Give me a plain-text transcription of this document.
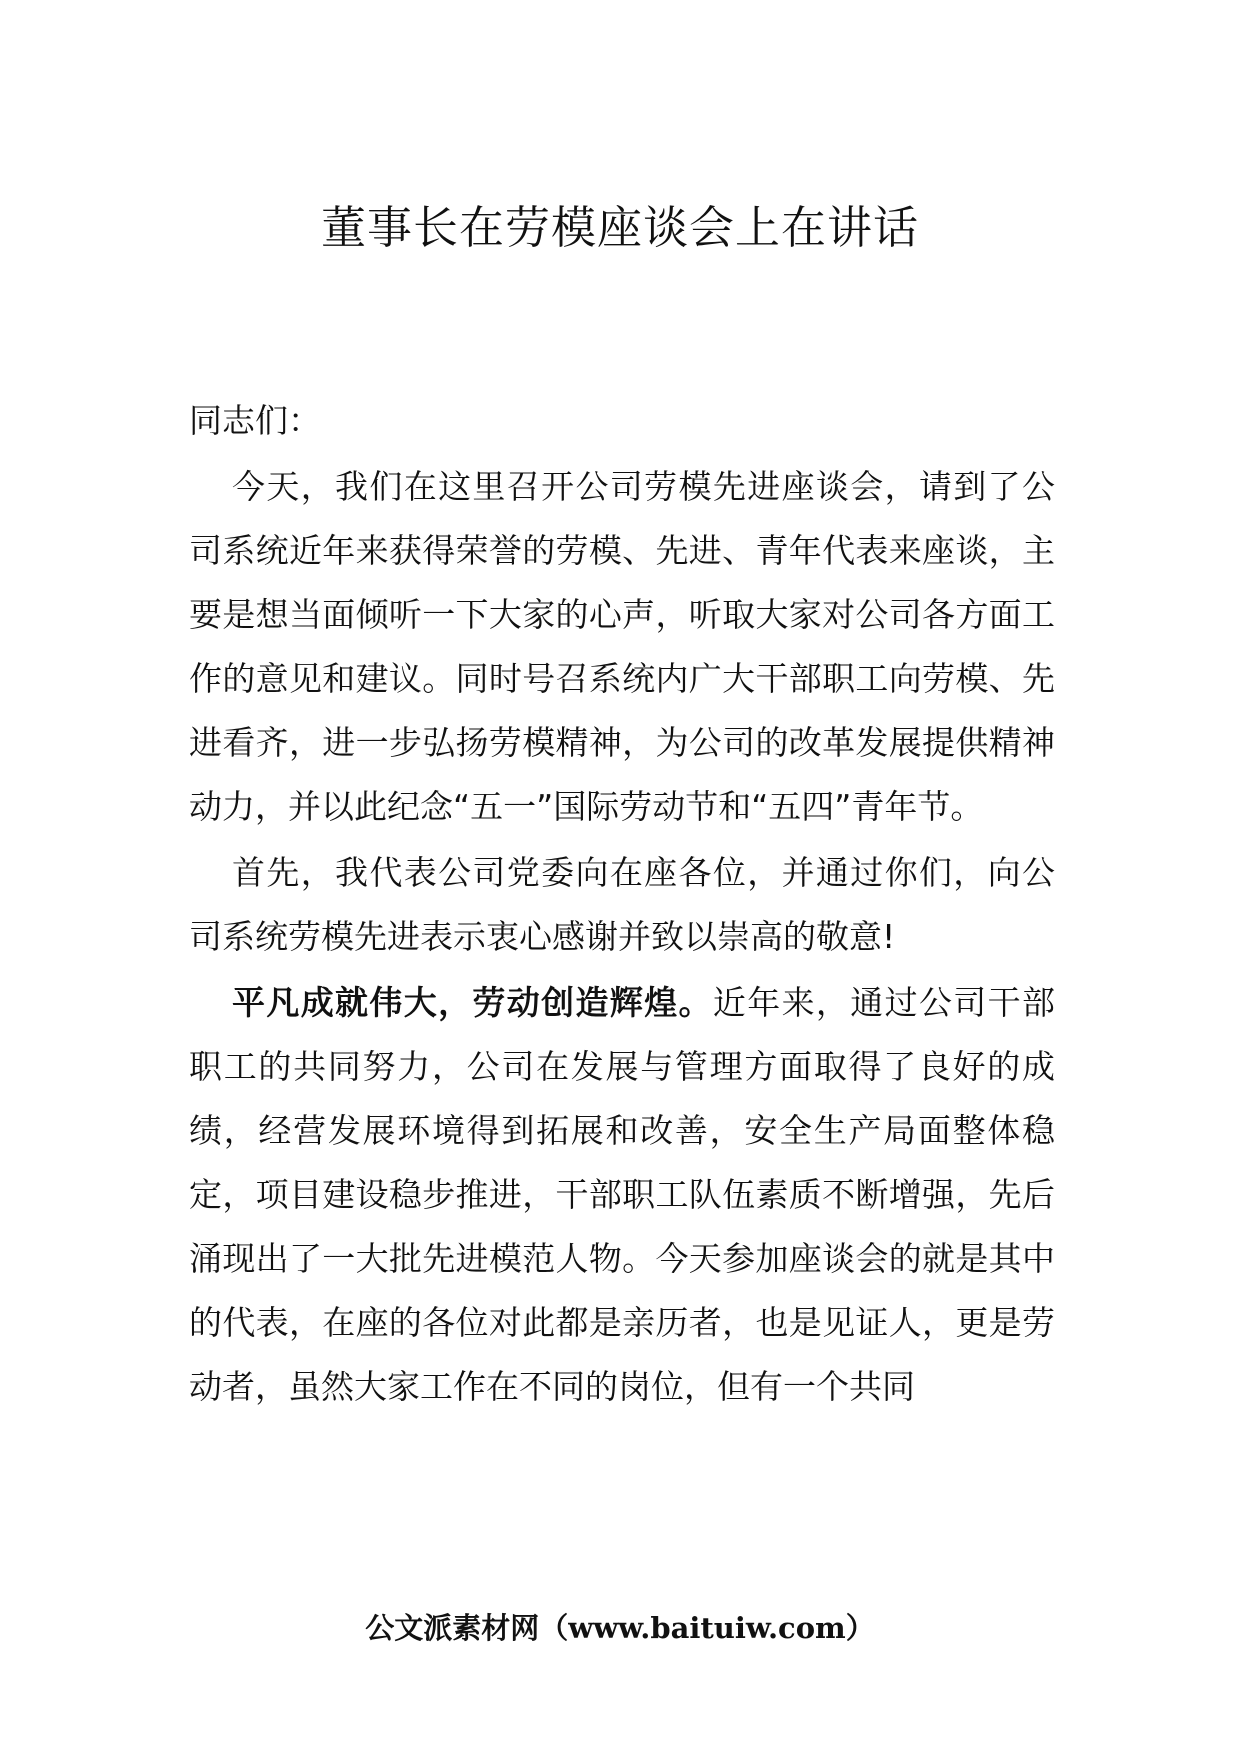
董事长在劳模座谈会上在讲话

同志们：

今天，我们在这里召开公司劳模先进座谈会，请到了公司系统近年来获得荣誉的劳模、先进、青年代表来座谈，主要是想当面倾听一下大家的心声，听取大家对公司各方面工作的意见和建议。同时号召系统内广大干部职工向劳模、先进看齐，进一步弘扬劳模精神，为公司的改革发展提供精神动力，并以此纪念“五一”国际劳动节和“五四”青年节。

首先，我代表公司党委向在座各位，并通过你们，向公司系统劳模先进表示衷心感谢并致以崇高的敬意!

平凡成就伟大，劳动创造辉煌。近年来，通过公司干部职工的共同努力，公司在发展与管理方面取得了良好的成绩，经营发展环境得到拓展和改善，安全生产局面整体稳定，项目建设稳步推进，干部职工队伍素质不断增强，先后涌现出了一大批先进模范人物。今天参加座谈会的就是其中的代表，在座的各位对此都是亲历者，也是见证人，更是劳动者，虽然大家工作在不同的岗位，但有一个共同

公文派素材网（www.baituiw.com）
